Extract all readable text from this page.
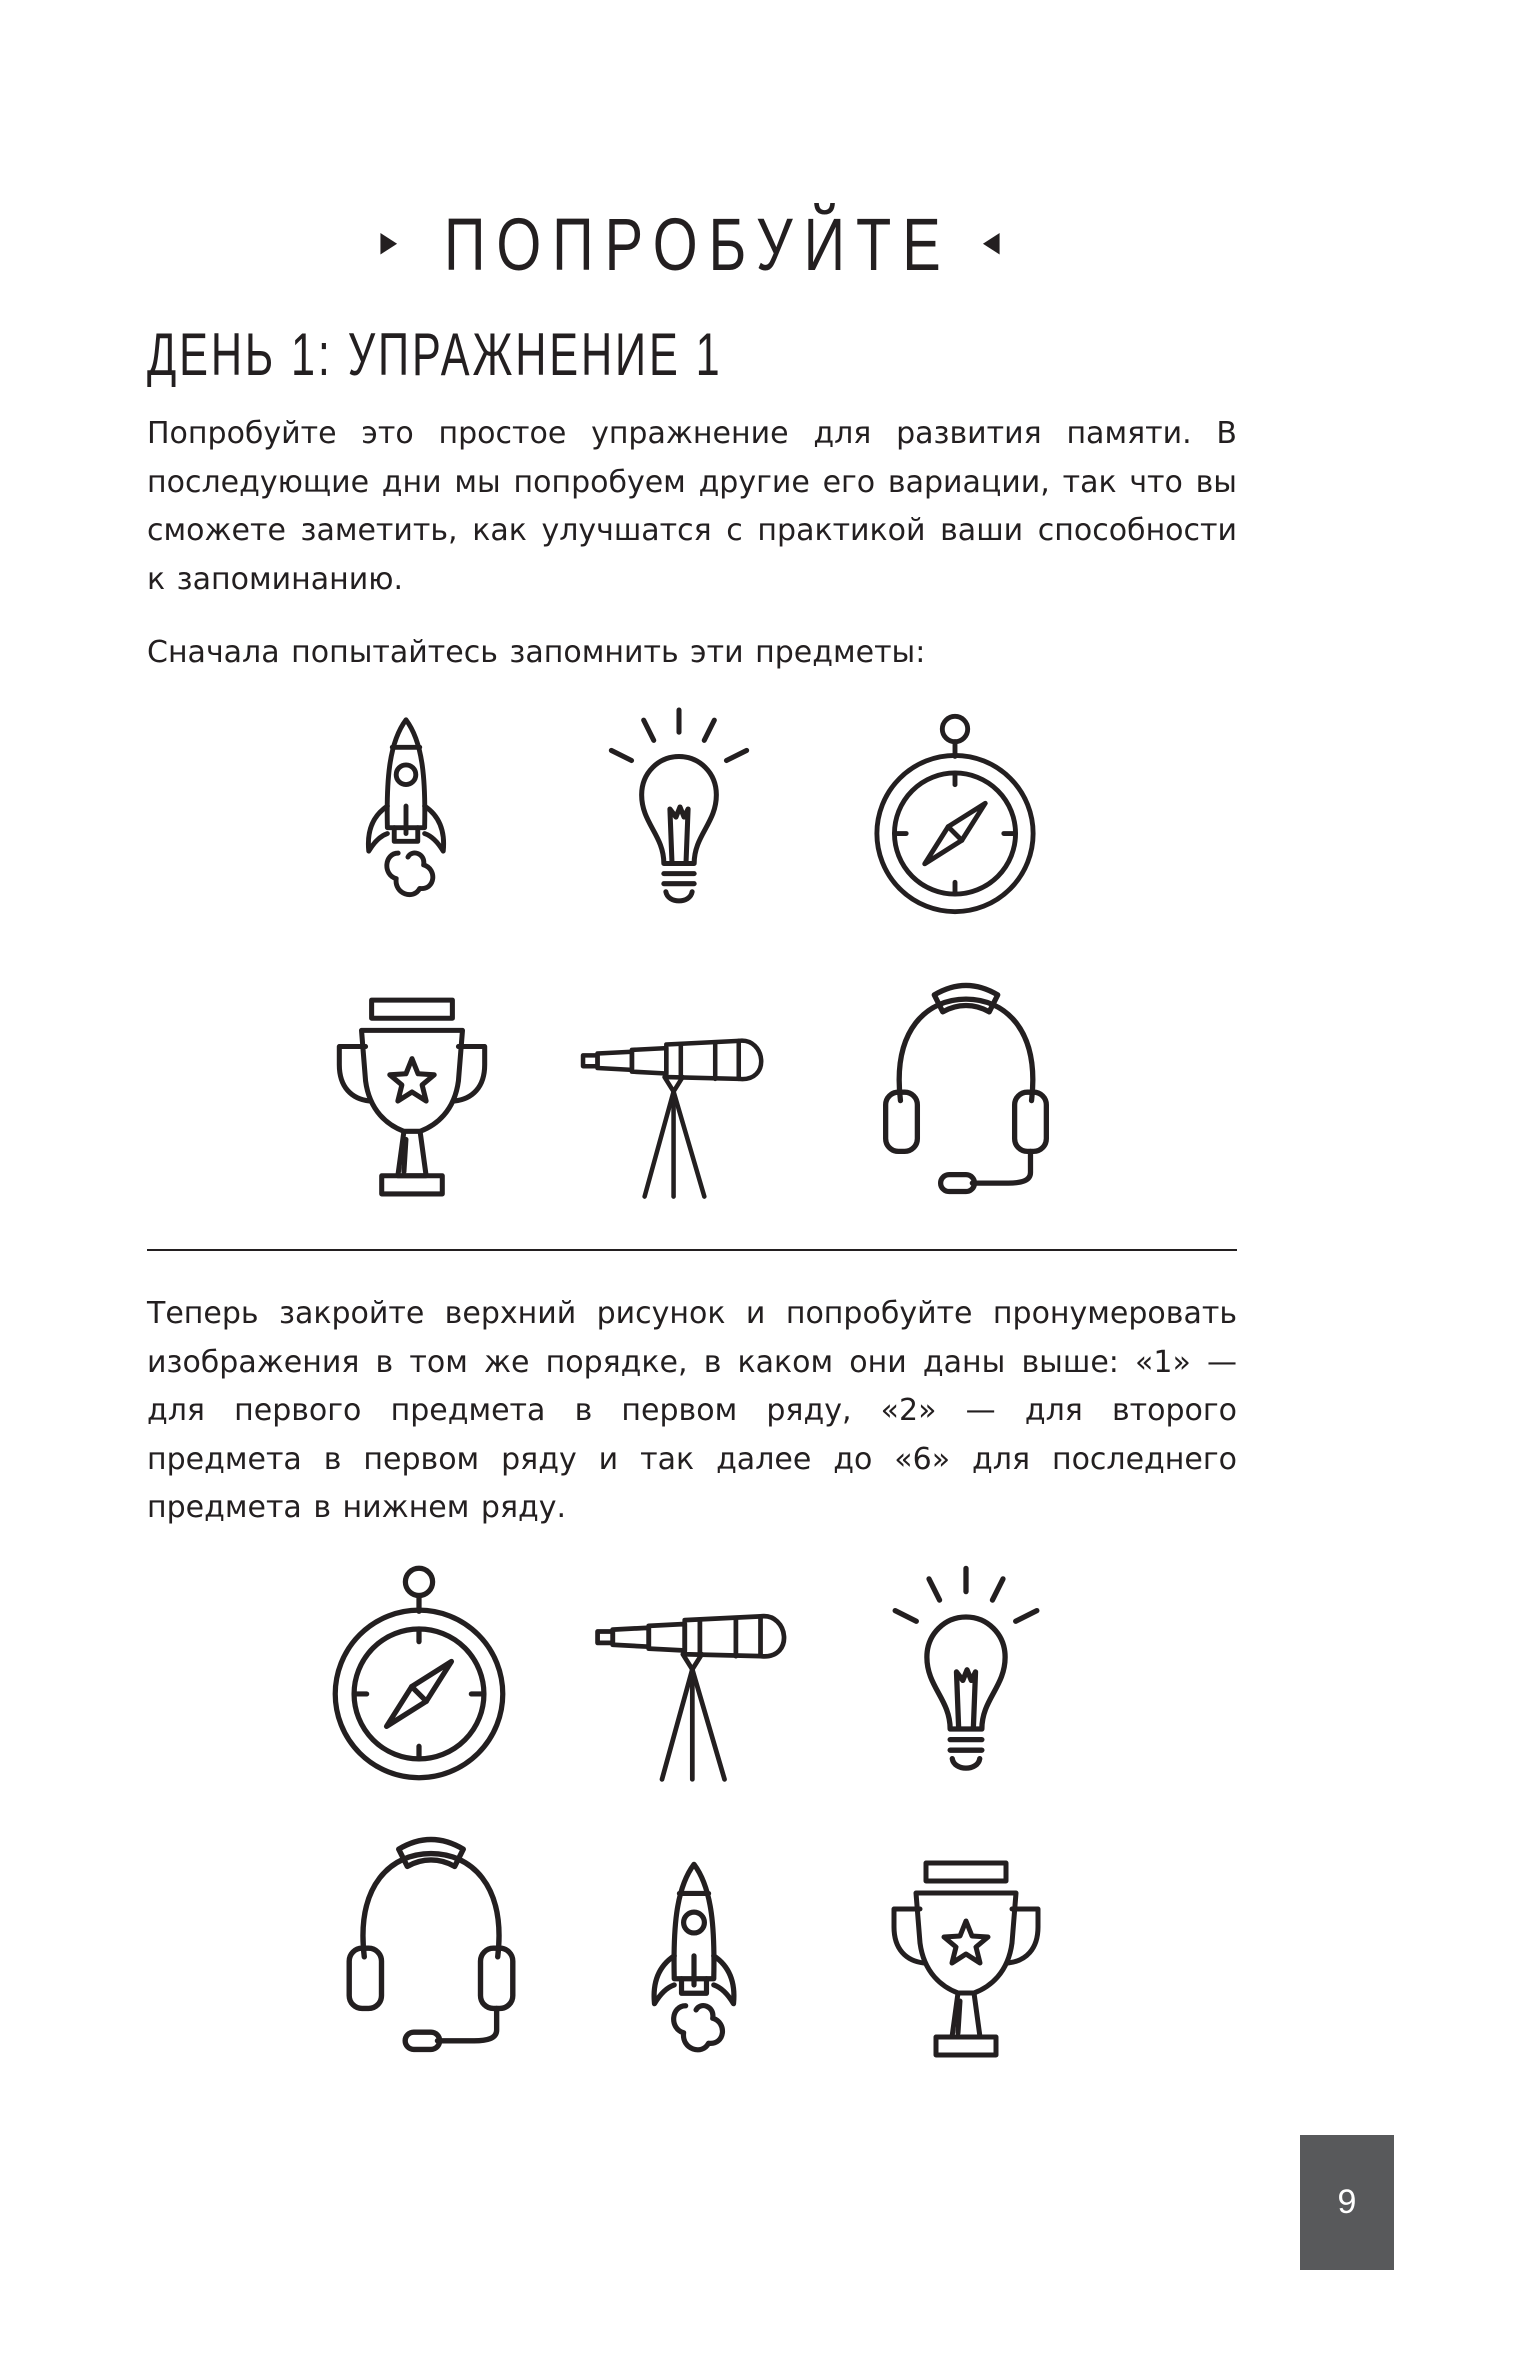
▶ ПОПРОБУЙТЕ ◀
ДЕНЬ 1: УПРАЖНЕНИЕ 1

Попробуйте это простое упражнение для развития памяти. В последующие дни мы попробуем другие его вариации, так что вы сможете заметить, как улучшатся с практикой ваши способности к запоминанию.

Сначала попытайтесь запомнить эти предметы:

Теперь закройте верхний рисунок и попробуйте пронумеровать изображения в том же порядке, в каком они даны выше: «1» — для первого предмета в первом ряду, «2» — для второго предмета в первом ряду и так далее до «6» для последнего предмета в нижнем ряду.

9
